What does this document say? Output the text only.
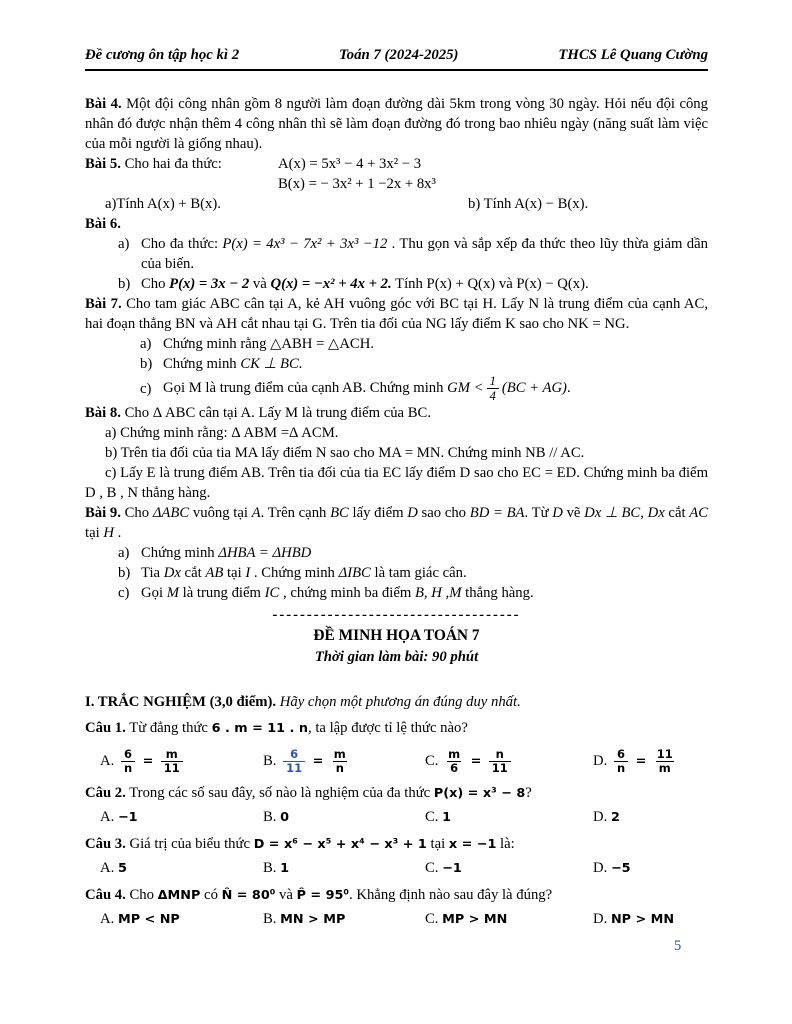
Đề cương ôn tập học kì 2	Toán 7 (2024-2025)	THCS Lê Quang Cường

Bài 4. Một đội công nhân gồm 8 người làm đoạn đường dài 5km trong vòng 30 ngày. Hỏi nếu đội công nhân đó được nhận thêm 4 công nhân thì sẽ làm đoạn đường đó trong bao nhiêu ngày (năng suất làm việc của mỗi người là giống nhau).

Bài 5. Cho hai đa thức:	A(x) = 5x³ − 4 + 3x² − 3
B(x) = − 3x² + 1 −2x + 8x³
a)Tính A(x) + B(x).	b) Tính A(x) − B(x).

Bài 6.

a) Cho đa thức: P(x) = 4x³ − 7x² + 3x³ −12 . Thu gọn và sắp xếp đa thức theo lũy thừa giảm dần của biến.
b) Cho P(x) = 3x − 2 và Q(x) = −x² + 4x + 2. Tính P(x) + Q(x) và P(x) − Q(x).

Bài 7. Cho tam giác ABC cân tại A, kẻ AH vuông góc với BC tại H. Lấy N là trung điểm của cạnh AC, hai đoạn thẳng BN và AH cắt nhau tại G. Trên tia đối của NG lấy điểm K sao cho NK = NG.

a) Chứng minh rằng △ABH = △ACH.
b) Chứng minh CK ⊥ BC.
c) Gọi M là trung điểm của cạnh AB. Chứng minh GM < $\frac{1}{4} (BC + AG)$.

Bài 8. Cho Δ ABC cân tại A. Lấy M là trung điểm của BC.

a) Chứng minh rằng: Δ ABM =Δ ACM.

b) Trên tia đối của tia MA lấy điểm N sao cho MA = MN. Chứng minh NB // AC.

c) Lấy E là trung điểm AB. Trên tia đối của tia EC lấy điểm D sao cho EC = ED. Chứng minh ba điểm D , B , N thẳng hàng.

Bài 9. Cho ΔABC vuông tại A. Trên cạnh BC lấy điểm D sao cho BD = BA. Từ D vẽ Dx ⊥ BC, Dx cắt AC tại H .

a) Chứng minh ΔHBA = ΔHBD
b) Tia Dx cắt AB tại I . Chứng minh ΔIBC là tam giác cân.
c) Gọi M là trung điểm IC , chứng minh ba điểm B, H ,M thẳng hàng.

------------------------------------

ĐỀ MINH HỌA TOÁN 7

Thời gian làm bài: 90 phút

I. TRẮC NGHIỆM (3,0 điểm). Hãy chọn một phương án đúng duy nhất.

Câu 1. Từ đẳng thức 6 . m = 11 . n, ta lập được tỉ lệ thức nào?

A. $\frac{6}{n} = \frac{m}{11}$	B. $\frac{6}{11} = \frac{m}{n}$	C. $\frac{m}{6} = \frac{n}{11}$	D. $\frac{6}{n} = \frac{11}{m}$

Câu 2. Trong các số sau đây, số nào là nghiệm của đa thức P(x) = x³ − 8?

A. −1	B. 0	C. 1	D. 2

Câu 3. Giá trị của biểu thức D = x⁶ − x⁵ + x⁴ − x³ + 1 tại x = −1 là:

A. 5	B. 1	C. −1	D. −5

Câu 4. Cho ΔMNP có N̂ = 80⁰ và P̂ = 95⁰. Khẳng định nào sau đây là đúng?

A. MP < NP	B. MN > MP	C. MP > MN	D. NP > MN
5
